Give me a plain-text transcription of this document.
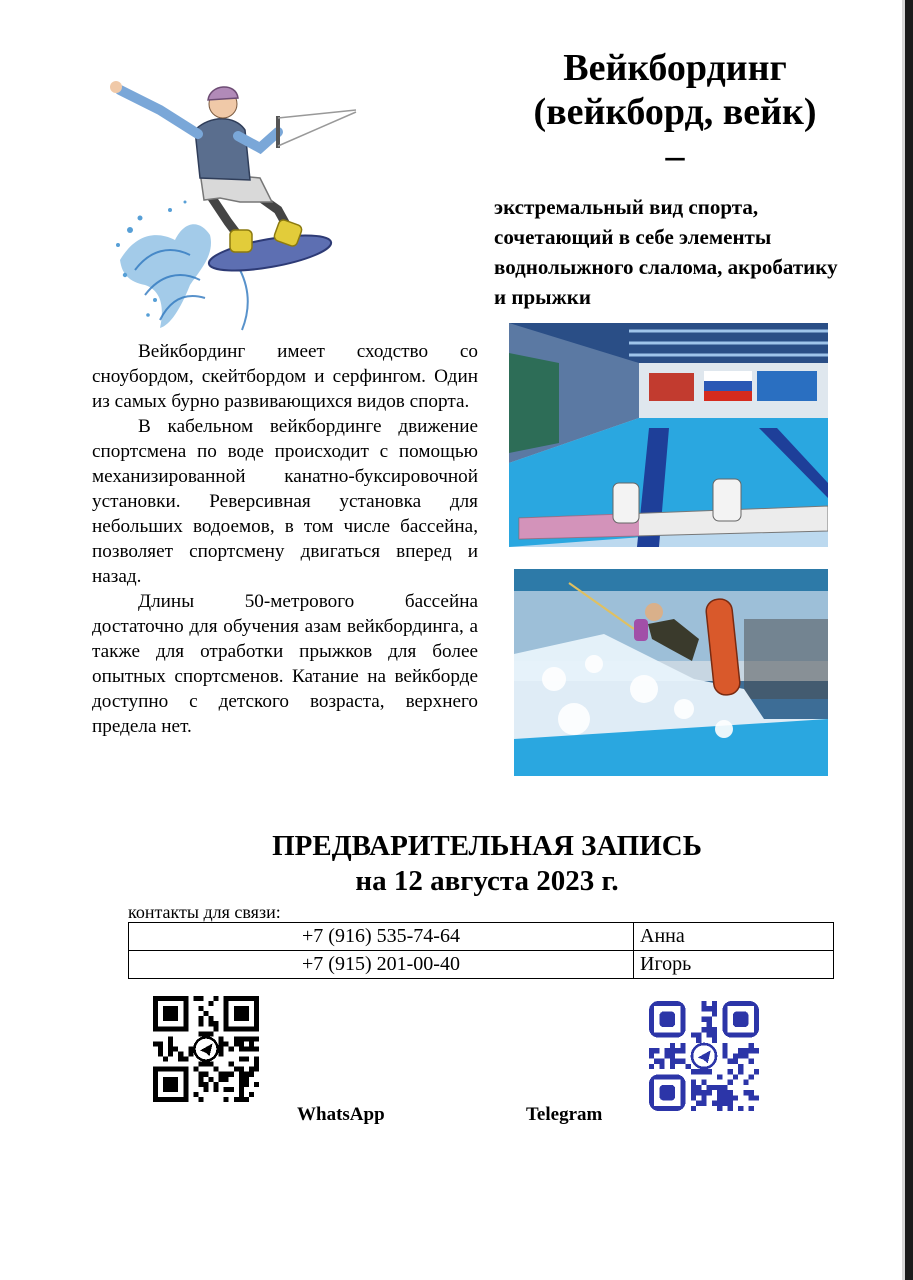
Вейкбординг (вейкборд, вейк)
–
экстремальный вид спорта, сочетающий в себе элементы воднолыжного слалома, акробатику и прыжки

Вейкбординг имеет сходство со сноубордом, скейтбордом и серфингом. Один из самых бурно развивающихся видов спорта.

В кабельном вейкбординге движение спортсмена по воде происходит с помощью механизированной канатно-буксировочной установки. Реверсивная установка для небольших водоемов, в том числе бассейна, позволяет спортсмену двигаться вперед и назад.

Длины 50-метрового бассейна достаточно для обучения азам вейкбординга, а также для отработки прыжков для более опытных спортсменов. Катание на вейкборде доступно с детского возраста, верхнего предела нет.

ПРЕДВАРИТЕЛЬНАЯ ЗАПИСЬ
на 12 августа 2023 г.
контакты для связи:
+7 (916) 535-74-64	Анна
+7 (915) 201-00-40	Игорь
WhatsApp	Telegram
